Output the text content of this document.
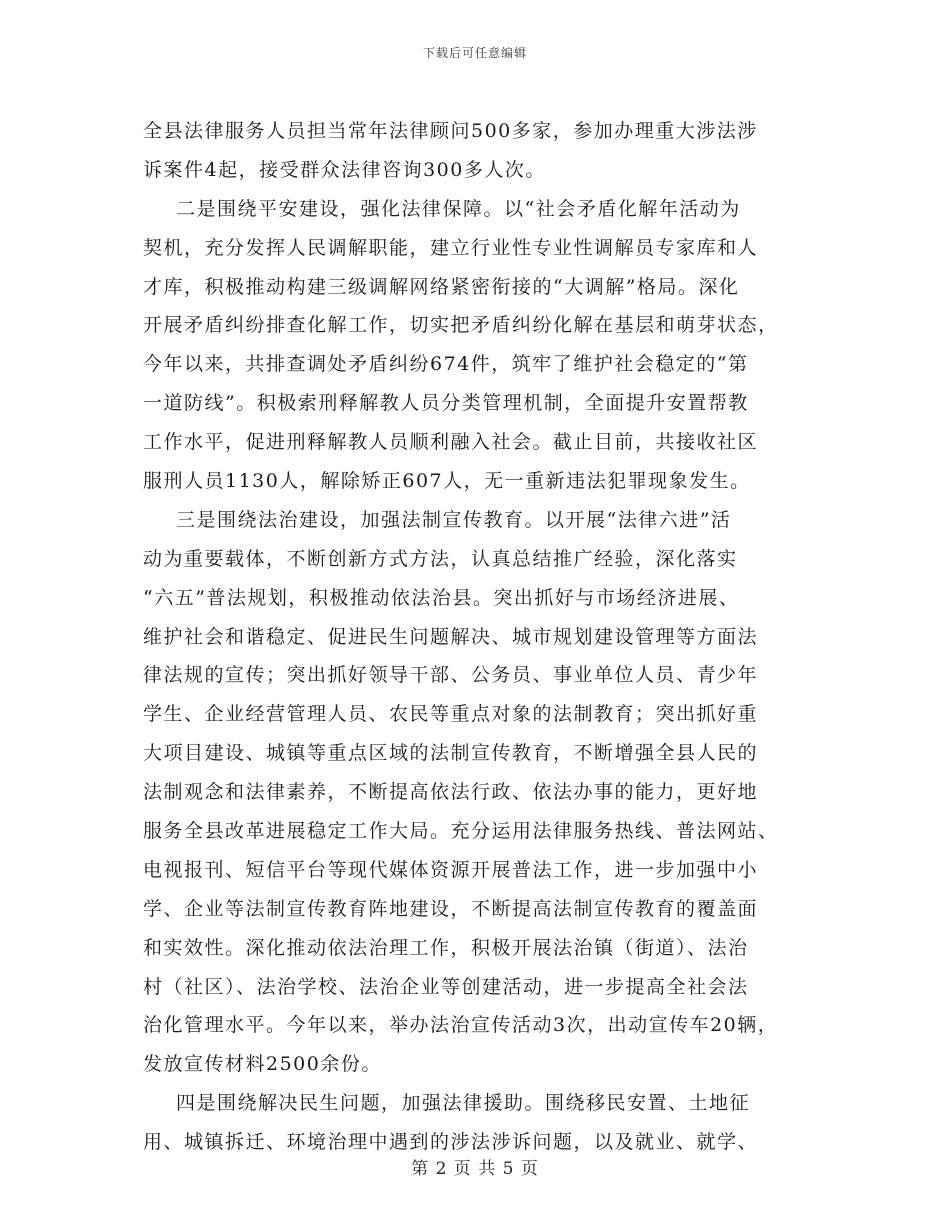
下载后可任意编辑
全县法律服务人员担当常年法律顾问500多家，参加办理重大涉法涉
诉案件4起，接受群众法律咨询300多人次。
二是围绕平安建设，强化法律保障。以“社会矛盾化解年活动为
契机，充分发挥人民调解职能，建立行业性专业性调解员专家库和人
才库，积极推动构建三级调解网络紧密衔接的“大调解”格局。深化
开展矛盾纠纷排查化解工作，切实把矛盾纠纷化解在基层和萌芽状态，
今年以来，共排查调处矛盾纠纷674件，筑牢了维护社会稳定的“第
一道防线”。积极索刑释解教人员分类管理机制，全面提升安置帮教
工作水平，促进刑释解教人员顺利融入社会。截止目前，共接收社区
服刑人员1130人，解除矫正607人，无一重新违法犯罪现象发生。
三是围绕法治建设，加强法制宣传教育。以开展“法律六进”活
动为重要载体，不断创新方式方法，认真总结推广经验，深化落实
“六五”普法规划，积极推动依法治县。突出抓好与市场经济进展、
维护社会和谐稳定、促进民生问题解决、城市规划建设管理等方面法
律法规的宣传；突出抓好领导干部、公务员、事业单位人员、青少年
学生、企业经营管理人员、农民等重点对象的法制教育；突出抓好重
大项目建设、城镇等重点区域的法制宣传教育，不断增强全县人民的
法制观念和法律素养，不断提高依法行政、依法办事的能力，更好地
服务全县改革进展稳定工作大局。充分运用法律服务热线、普法网站、
电视报刊、短信平台等现代媒体资源开展普法工作，进一步加强中小
学、企业等法制宣传教育阵地建设，不断提高法制宣传教育的覆盖面
和实效性。深化推动依法治理工作，积极开展法治镇（街道）、法治
村（社区）、法治学校、法治企业等创建活动，进一步提高全社会法
治化管理水平。今年以来，举办法治宣传活动3次，出动宣传车20辆，
发放宣传材料2500余份。
四是围绕解决民生问题，加强法律援助。围绕移民安置、土地征
用、城镇拆迁、环境治理中遇到的涉法涉诉问题，以及就业、就学、
第 2 页 共 5 页
